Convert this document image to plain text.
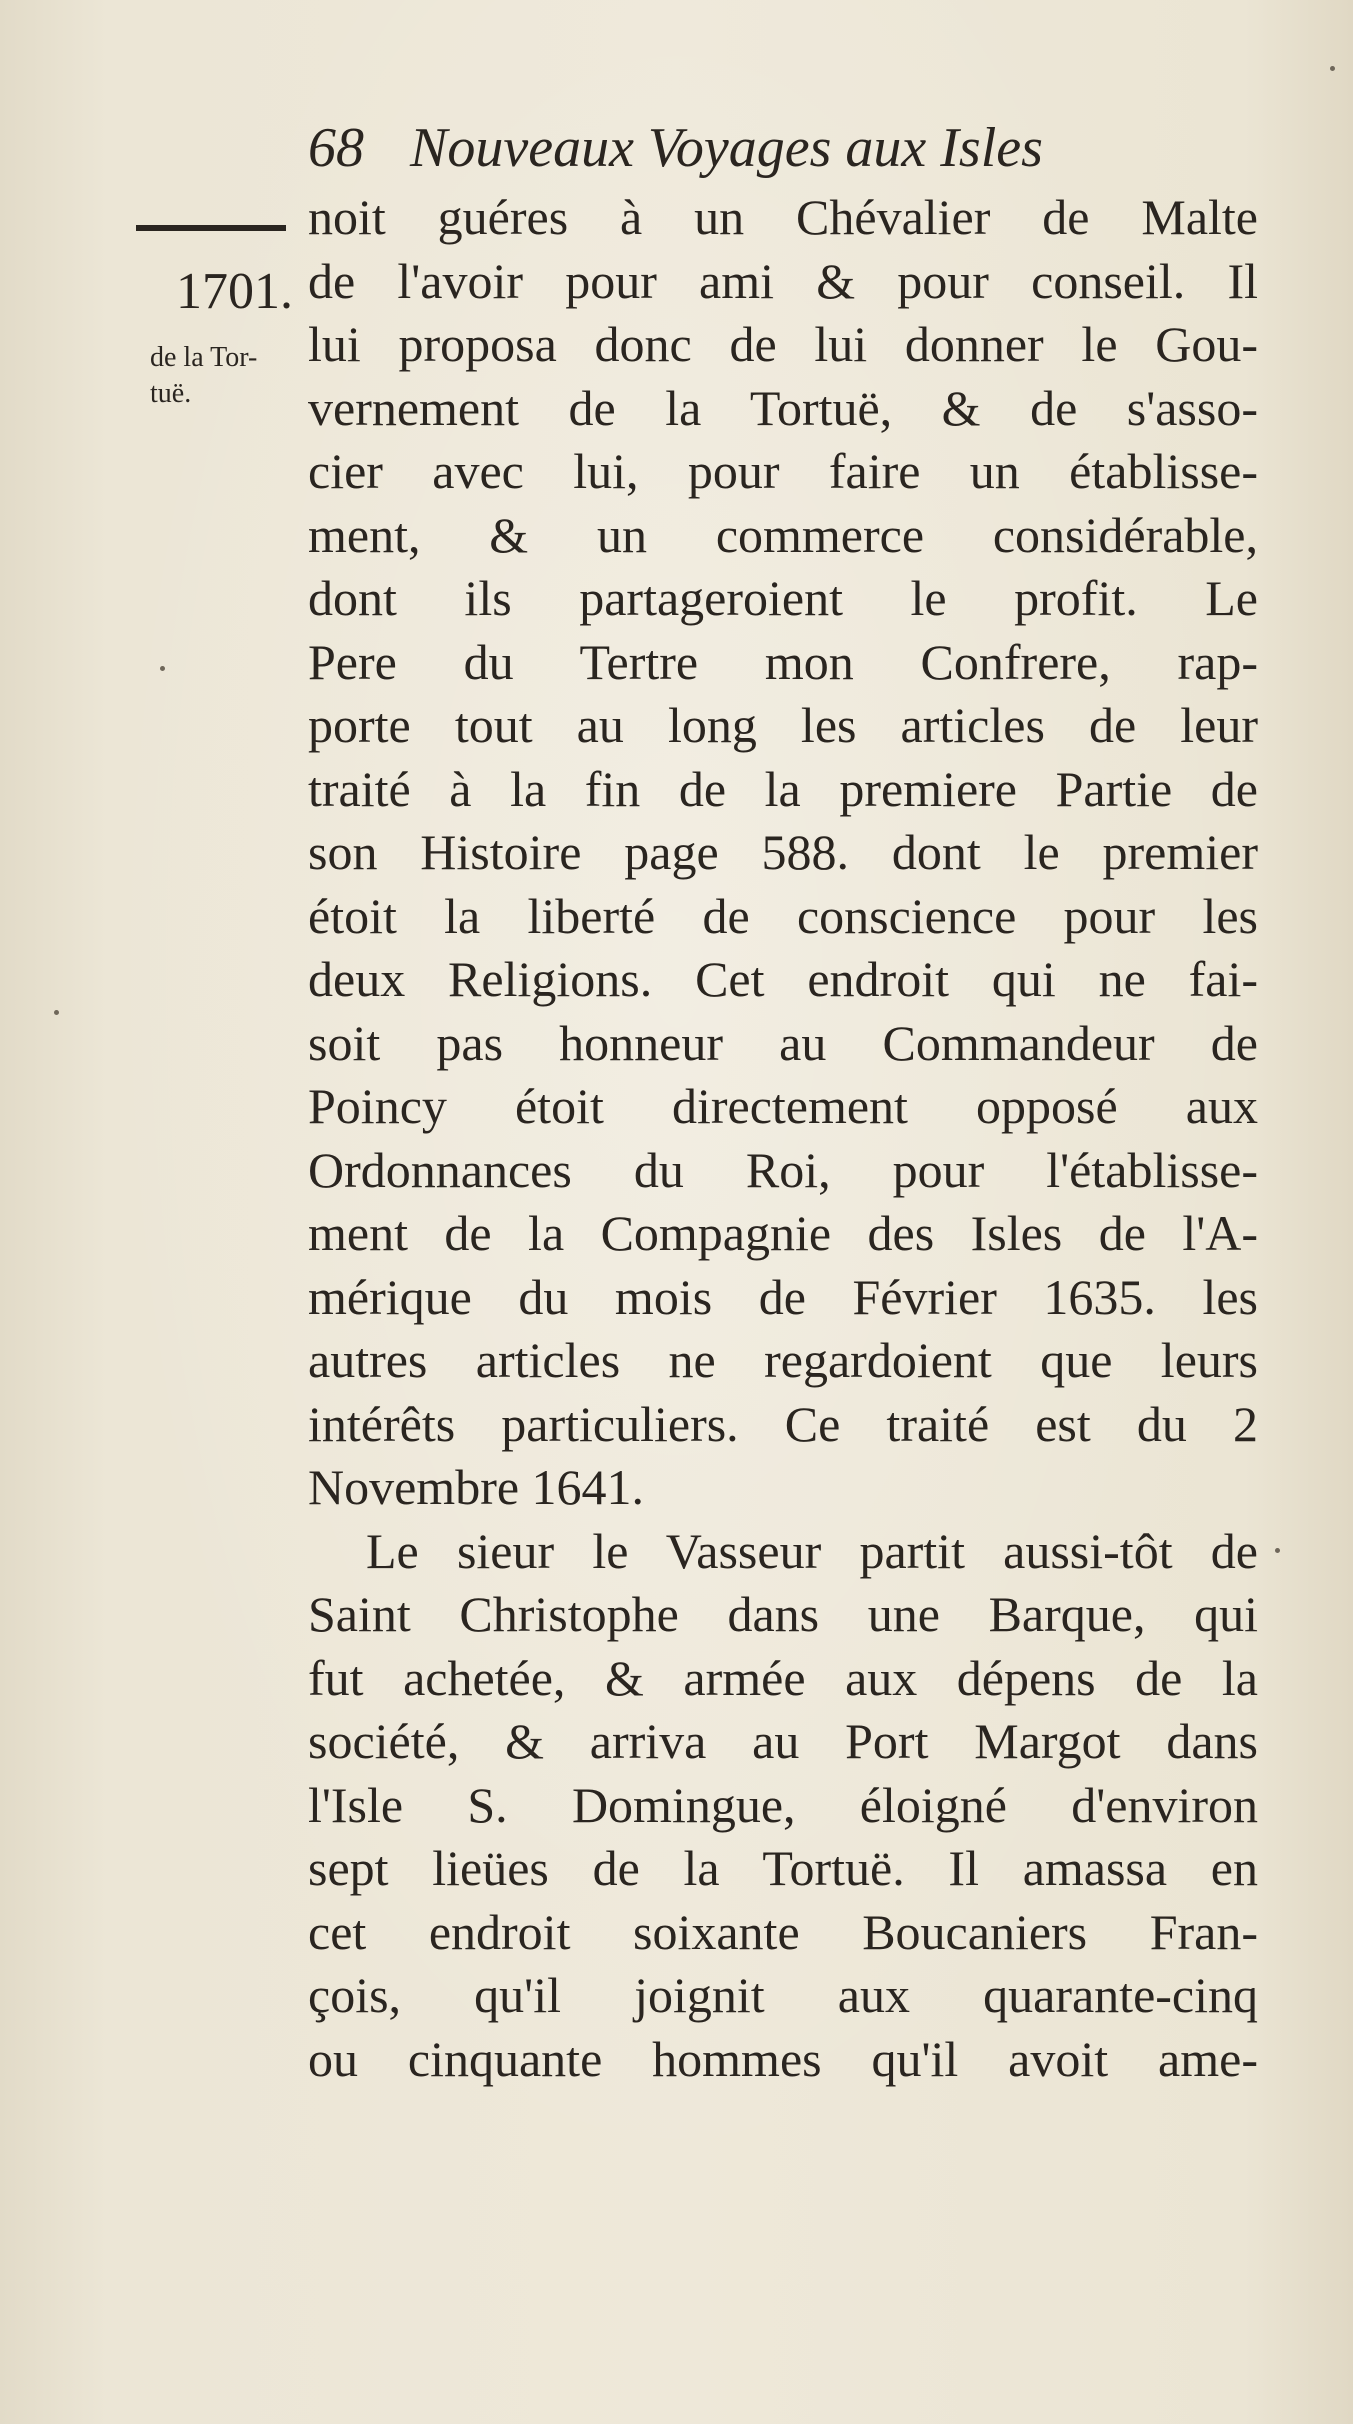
68 Nouveaux Voyages aux Isles
1701.
de la Tor-
tuë.
noit guéres à un Chévalier de Malte
de l'avoir pour ami & pour conseil. Il
lui proposa donc de lui donner le Gou-
vernement de la Tortuë, & de s'asso-
cier avec lui, pour faire un établisse-
ment, & un commerce considérable,
dont ils partageroient le profit. Le
Pere du Tertre mon Confrere, rap-
porte tout au long les articles de leur
traité à la fin de la premiere Partie de
son Histoire page 588. dont le premier
étoit la liberté de conscience pour les
deux Religions. Cet endroit qui ne fai-
soit pas honneur au Commandeur de
Poincy étoit directement opposé aux
Ordonnances du Roi, pour l'établisse-
ment de la Compagnie des Isles de l'A-
mérique du mois de Février 1635. les
autres articles ne regardoient que leurs
intérêts particuliers. Ce traité est du 2
Novembre 1641.
Le sieur le Vasseur partit aussi-tôt de
Saint Christophe dans une Barque, qui
fut achetée, & armée aux dépens de la
société, & arriva au Port Margot dans
l'Isle S. Domingue, éloigné d'environ
sept lieües de la Tortuë. Il amassa en
cet endroit soixante Boucaniers Fran-
çois, qu'il joignit aux quarante-cinq
ou cinquante hommes qu'il avoit ame-
